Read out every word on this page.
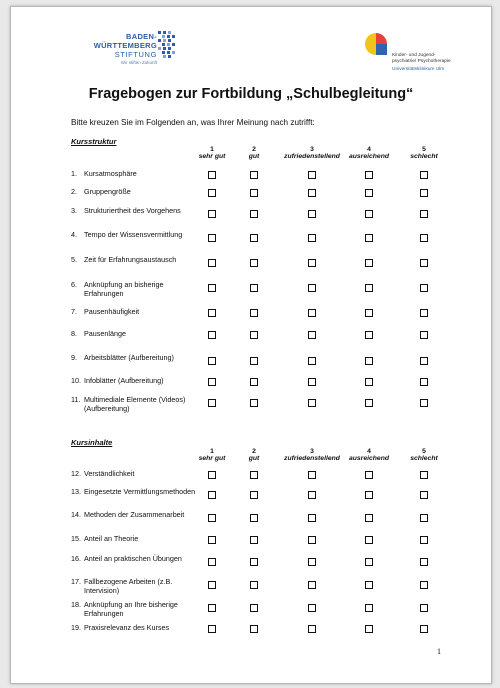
BADEN-
WÜRTTEMBERG
STIFTUNG
Wir stiften Zukunft
Kinder- und Jugend-
psychiatrie/ Psychotherapie
Universitätsklinikum Ulm
Fragebogen zur Fortbildung „Schulbegleitung“
Bitte kreuzen Sie im Folgenden an, was Ihrer Meinung nach zutrifft:
Kursstruktur
1
sehr gut
2
gut
3
zufriedenstellend
4
ausreichend
5
schlecht
1. Kursatmosphäre
2. Gruppengröße
3. Strukturiertheit des Vorgehens
4. Tempo der Wissensvermittlung
5. Zeit für Erfahrungsaustausch
6. Anknüpfung an bisherige Erfahrungen
7. Pausenhäufigkeit
8. Pausenlänge
9. Arbeitsblätter (Aufbereitung)
10. Infoblätter (Aufbereitung)
11. Multimediale Elemente (Videos) (Aufbereitung)
Kursinhalte
1
sehr gut
2
gut
3
zufriedenstellend
4
ausreichend
5
schlecht
12. Verständlichkeit
13. Eingesetzte Vermittlungsmethoden
14. Methoden der Zusammenarbeit
15. Anteil an Theorie
16. Anteil an praktischen Übungen
17. Fallbezogene Arbeiten (z.B. Intervision)
18. Anknüpfung an Ihre bisherige Erfahrungen
19. Praxisrelevanz des Kurses
1
